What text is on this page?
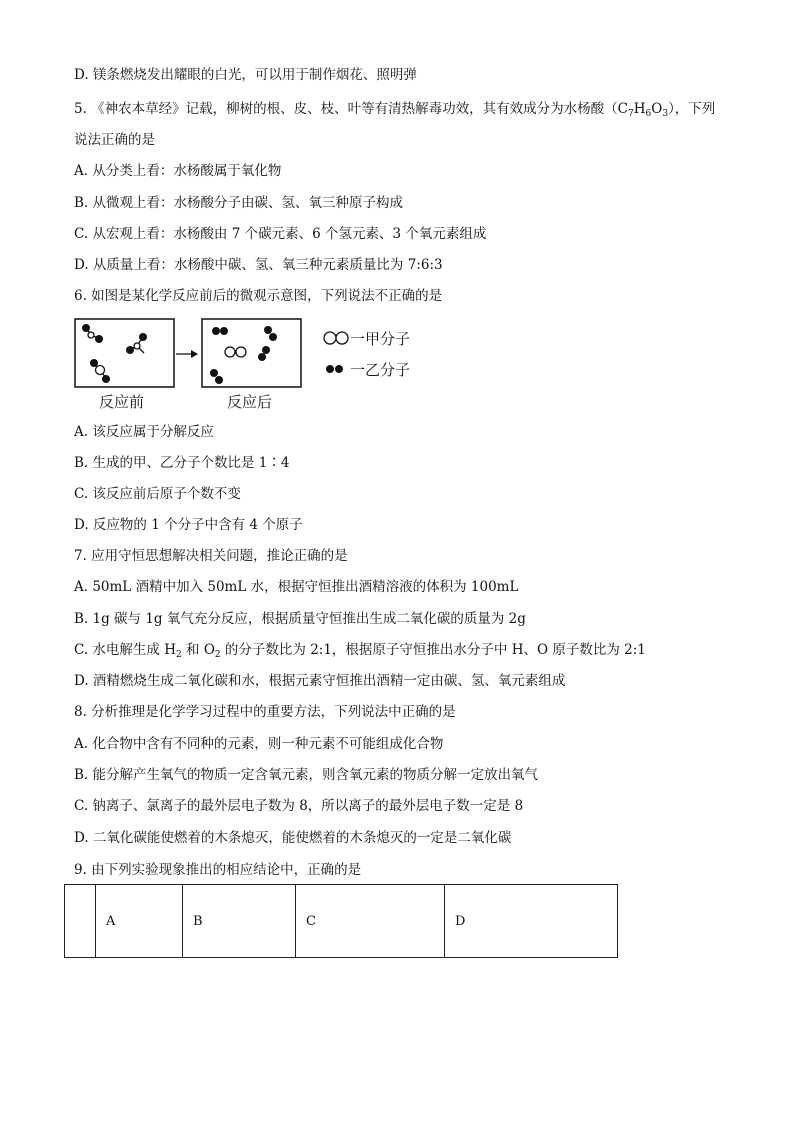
D. 镁条燃烧发出耀眼的白光，可以用于制作烟花、照明弹
5. 《神农本草经》记载，柳树的根、皮、枝、叶等有清热解毒功效，其有效成分为水杨酸$(C_7H_6O_3)$，下列
说法正确的是
A. 从分类上看：水杨酸属于氧化物
B. 从微观上看：水杨酸分子由碳、氢、氧三种原子构成
C. 从宏观上看：水杨酸由 7 个碳元素、6 个氢元素、3 个氧元素组成
D. 从质量上看：水杨酸中碳、氢、氧三种元素质量比为 7:6:3
6. 如图是某化学反应前后的微观示意图，下列说法不正确的是
一甲分子
一乙分子
反应前	反应后
A. 该反应属于分解反应
B. 生成的甲、乙分子个数比是 1∶4
C. 该反应前后原子个数不变
D. 反应物的 1 个分子中含有 4 个原子
7. 应用守恒思想解决相关问题，推论正确的是
A. 50mL 酒精中加入 50mL 水，根据守恒推出酒精溶液的体积为 100mL
B. 1g 碳与 1g 氧气充分反应，根据质量守恒推出生成二氧化碳的质量为 2g
C. 水电解生成 $H_2$ 和 $O_2$ 的分子数比为 2:1，根据原子守恒推出水分子中 H、O 原子数比为 2:1
D. 酒精燃烧生成二氧化碳和水，根据元素守恒推出酒精一定由碳、氢、氧元素组成
8. 分析推理是化学学习过程中的重要方法，下列说法中正确的是
A. 化合物中含有不同种的元素，则一种元素不可能组成化合物
B. 能分解产生氧气的物质一定含氧元素，则含氧元素的物质分解一定放出氧气
C. 钠离子、氯离子的最外层电子数为 8，所以离子的最外层电子数一定是 8
D. 二氧化碳能使燃着的木条熄灭，能使燃着的木条熄灭的一定是二氧化碳
9. 由下列实验现象推出的相应结论中，正确的是
	A	B	C	D
